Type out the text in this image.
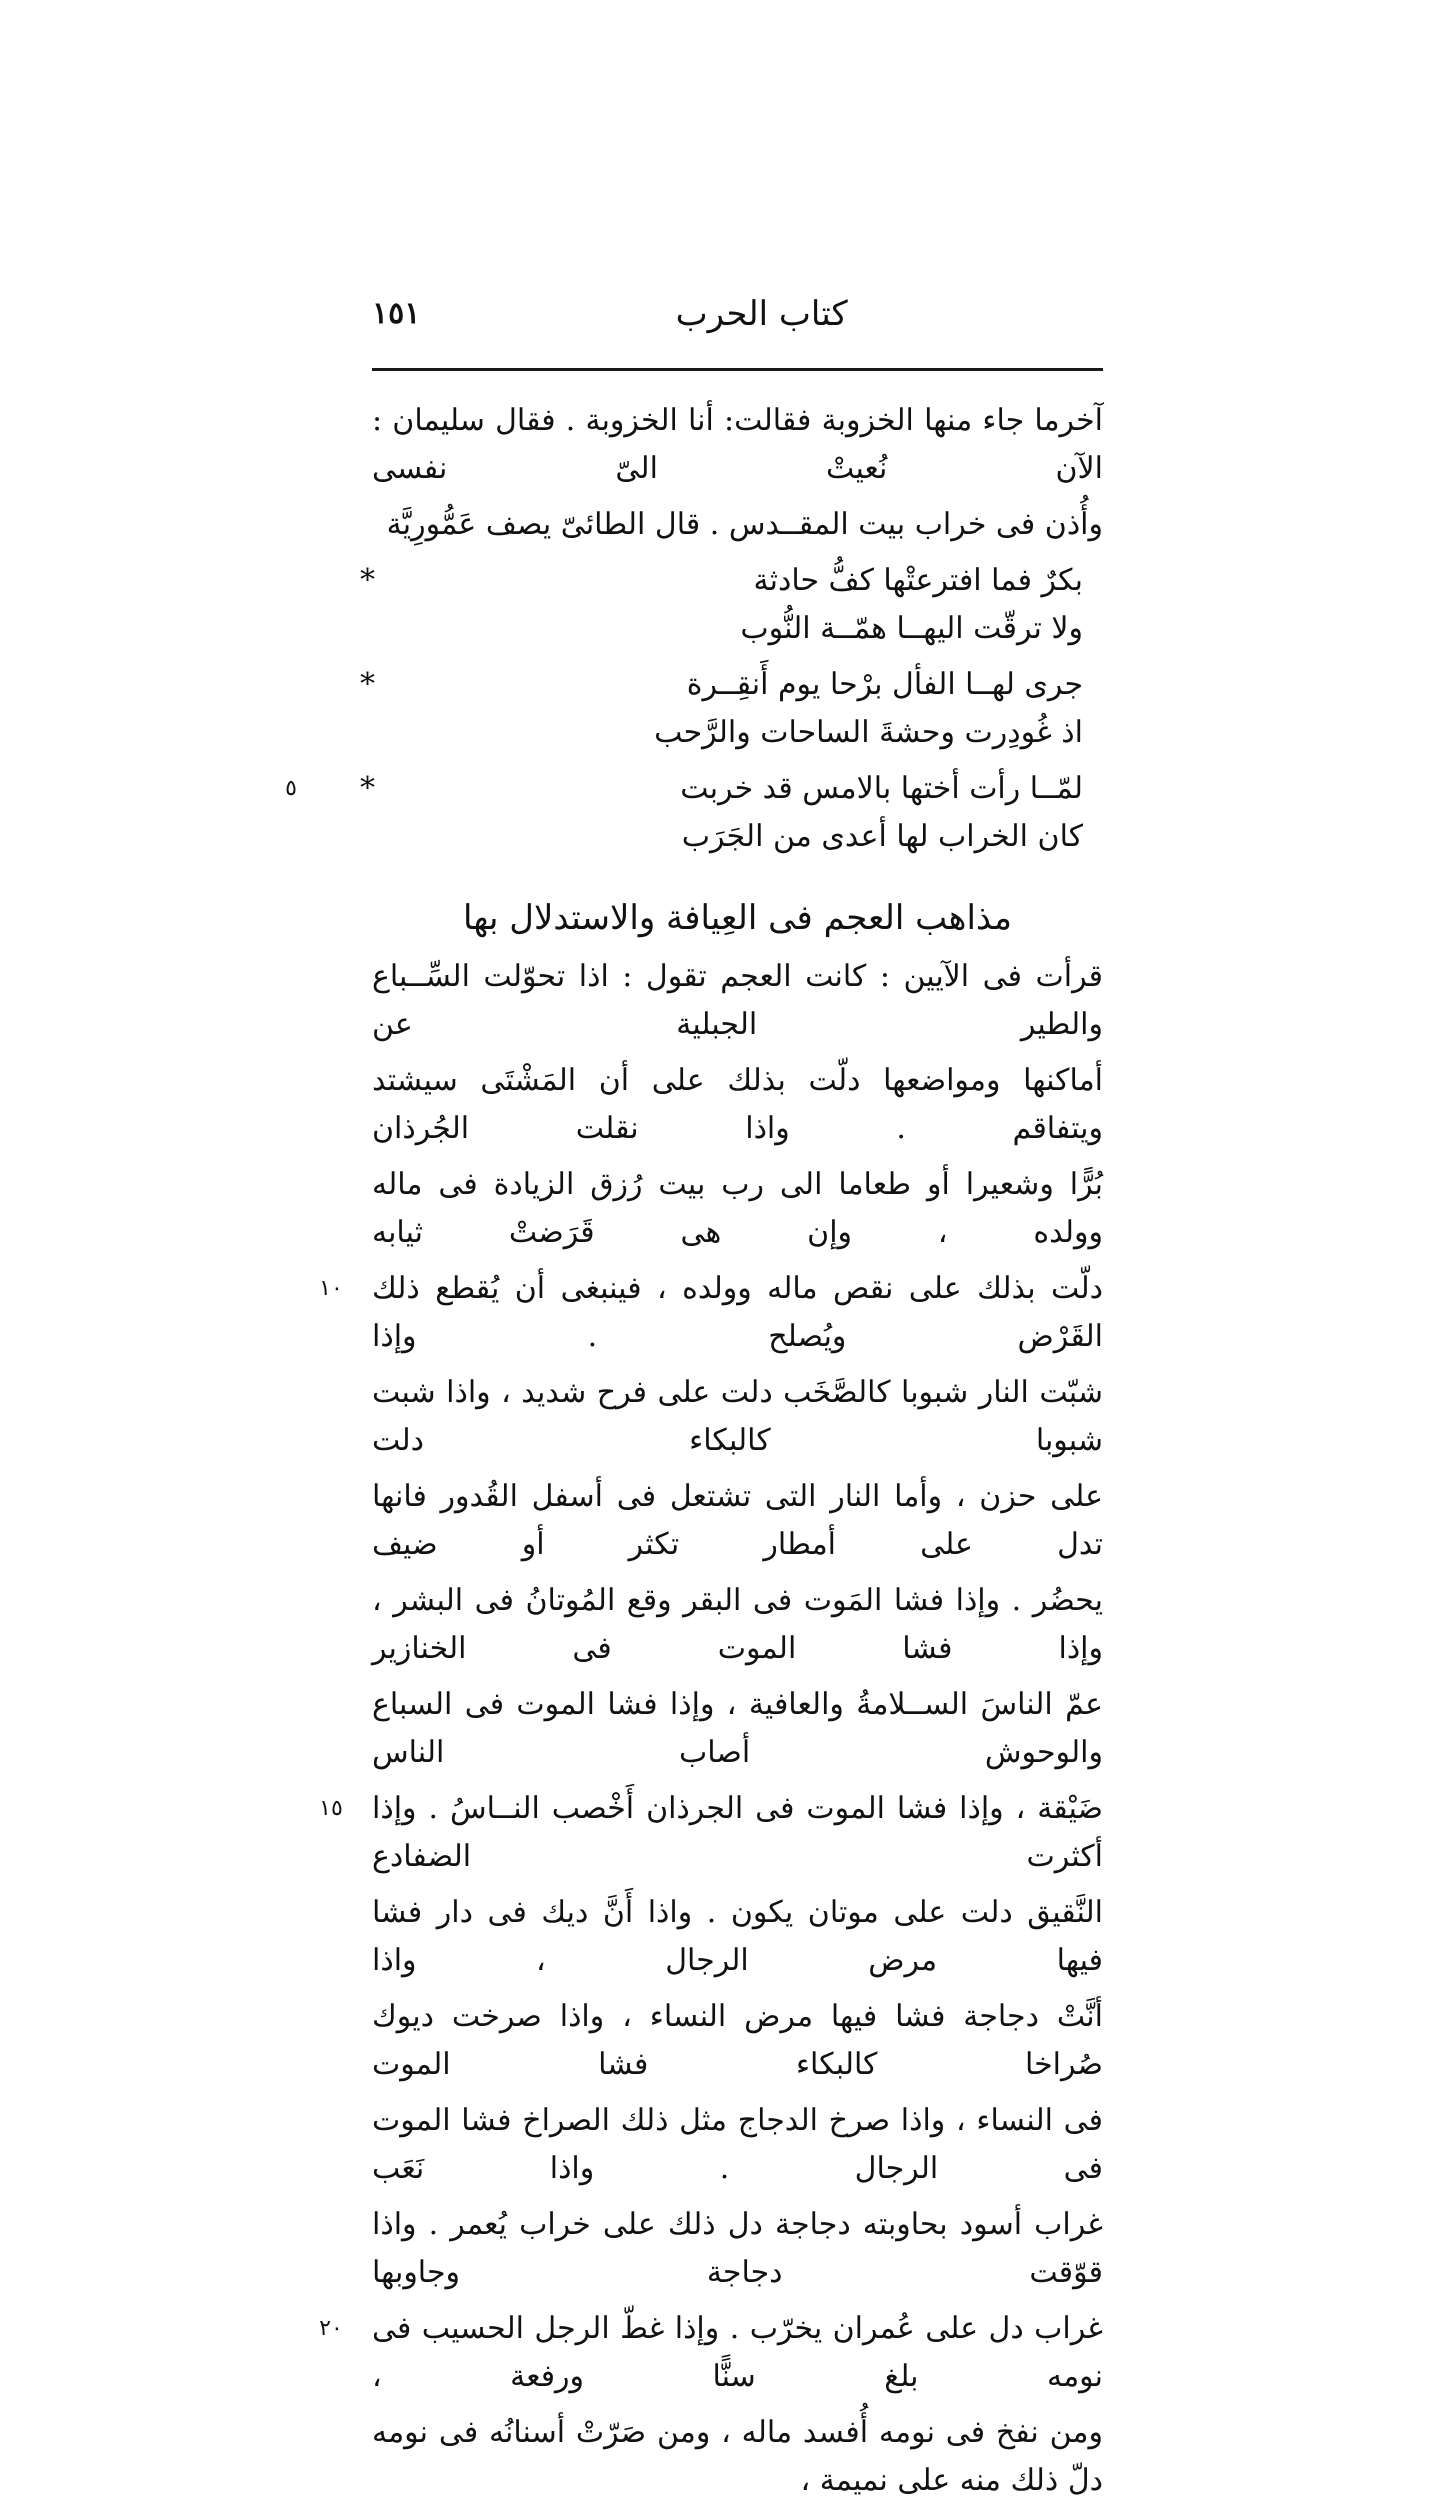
كتاب الحرب
١٥١
آخرما جاء منها الخزوبة فقالت: أنا الخزوبة . فقال سليمان : الآن نُعيتْ الىّ نفسى
وأُذن فى خراب بيت المقــدس . قال الطائىّ يصف عَمُّورِيَّة
بكرٌ فما افترعتْها كفُّ حادثة
*
ولا ترقّت اليهــا همّــة النُّوب
جرى لهــا الفأل برْحا يوم أَنقِــرة
*
اذ غُودِرت وحشةَ الساحات والرَّحب
لمّــا رأت أختها بالامس قد خربت
*
كان الخراب لها أعدى من الجَرَب
٥
مذاهب العجم فى العِيافة والاستدلال بها
قرأت فى الآيين : كانت العجم تقول : اذا تحوّلت السِّــباع والطير الجبلية عن
أماكنها ومواضعها دلّت بذلك على أن المَشْتَى سيشتد ويتفاقم . واذا نقلت الجُرذان
بُرًّا وشعيرا أو طعاما الى رب بيت رُزق الزيادة فى ماله وولده ، وإن هى قَرَضتْ ثيابه
دلّت بذلك على نقص ماله وولده ، فينبغى أن يُقطع ذلك القَرْض ويُصلح . وإذا
١٠
شبّت النار شبوبا كالصَّخَب دلت على فرح شديد ، واذا شبت شبوبا كالبكاء دلت
على حزن ، وأما النار التى تشتعل فى أسفل القُدور فانها تدل على أمطار تكثر أو ضيف
يحضُر . وإذا فشا المَوت فى البقر وقع المُوتانُ فى البشر ، وإذا فشا الموت فى الخنازير
عمّ الناسَ الســلامةُ والعافية ، وإذا فشا الموت فى السباع والوحوش أصاب الناس
ضَيْقة ، وإذا فشا الموت فى الجرذان أَخْصب النــاسُ . وإذا أكثرت الضفادع
١٥
النَّقيق دلت على موتان يكون . واذا أَنَّ ديك فى دار فشا فيها مرض الرجال ، واذا
أنَّتْ دجاجة فشا فيها مرض النساء ، واذا صرخت ديوك صُراخا كالبكاء فشا الموت
فى النساء ، واذا صرخ الدجاج مثل ذلك الصراخ فشا الموت فى الرجال . واذا نَعَب
غراب أسود بحاوبته دجاجة دل ذلك على خراب يُعمر . واذا قوّقت دجاجة وجاوبها
غراب دل على عُمران يخرّب . وإذا غطّ الرجل الحسيب فى نومه بلغ سنًّا ورفعة ،
٢٠
ومن نفخ فى نومه أُفسد ماله ، ومن صَرّتْ أسنانُه فى نومه دلّ ذلك منه على نميمة ،
